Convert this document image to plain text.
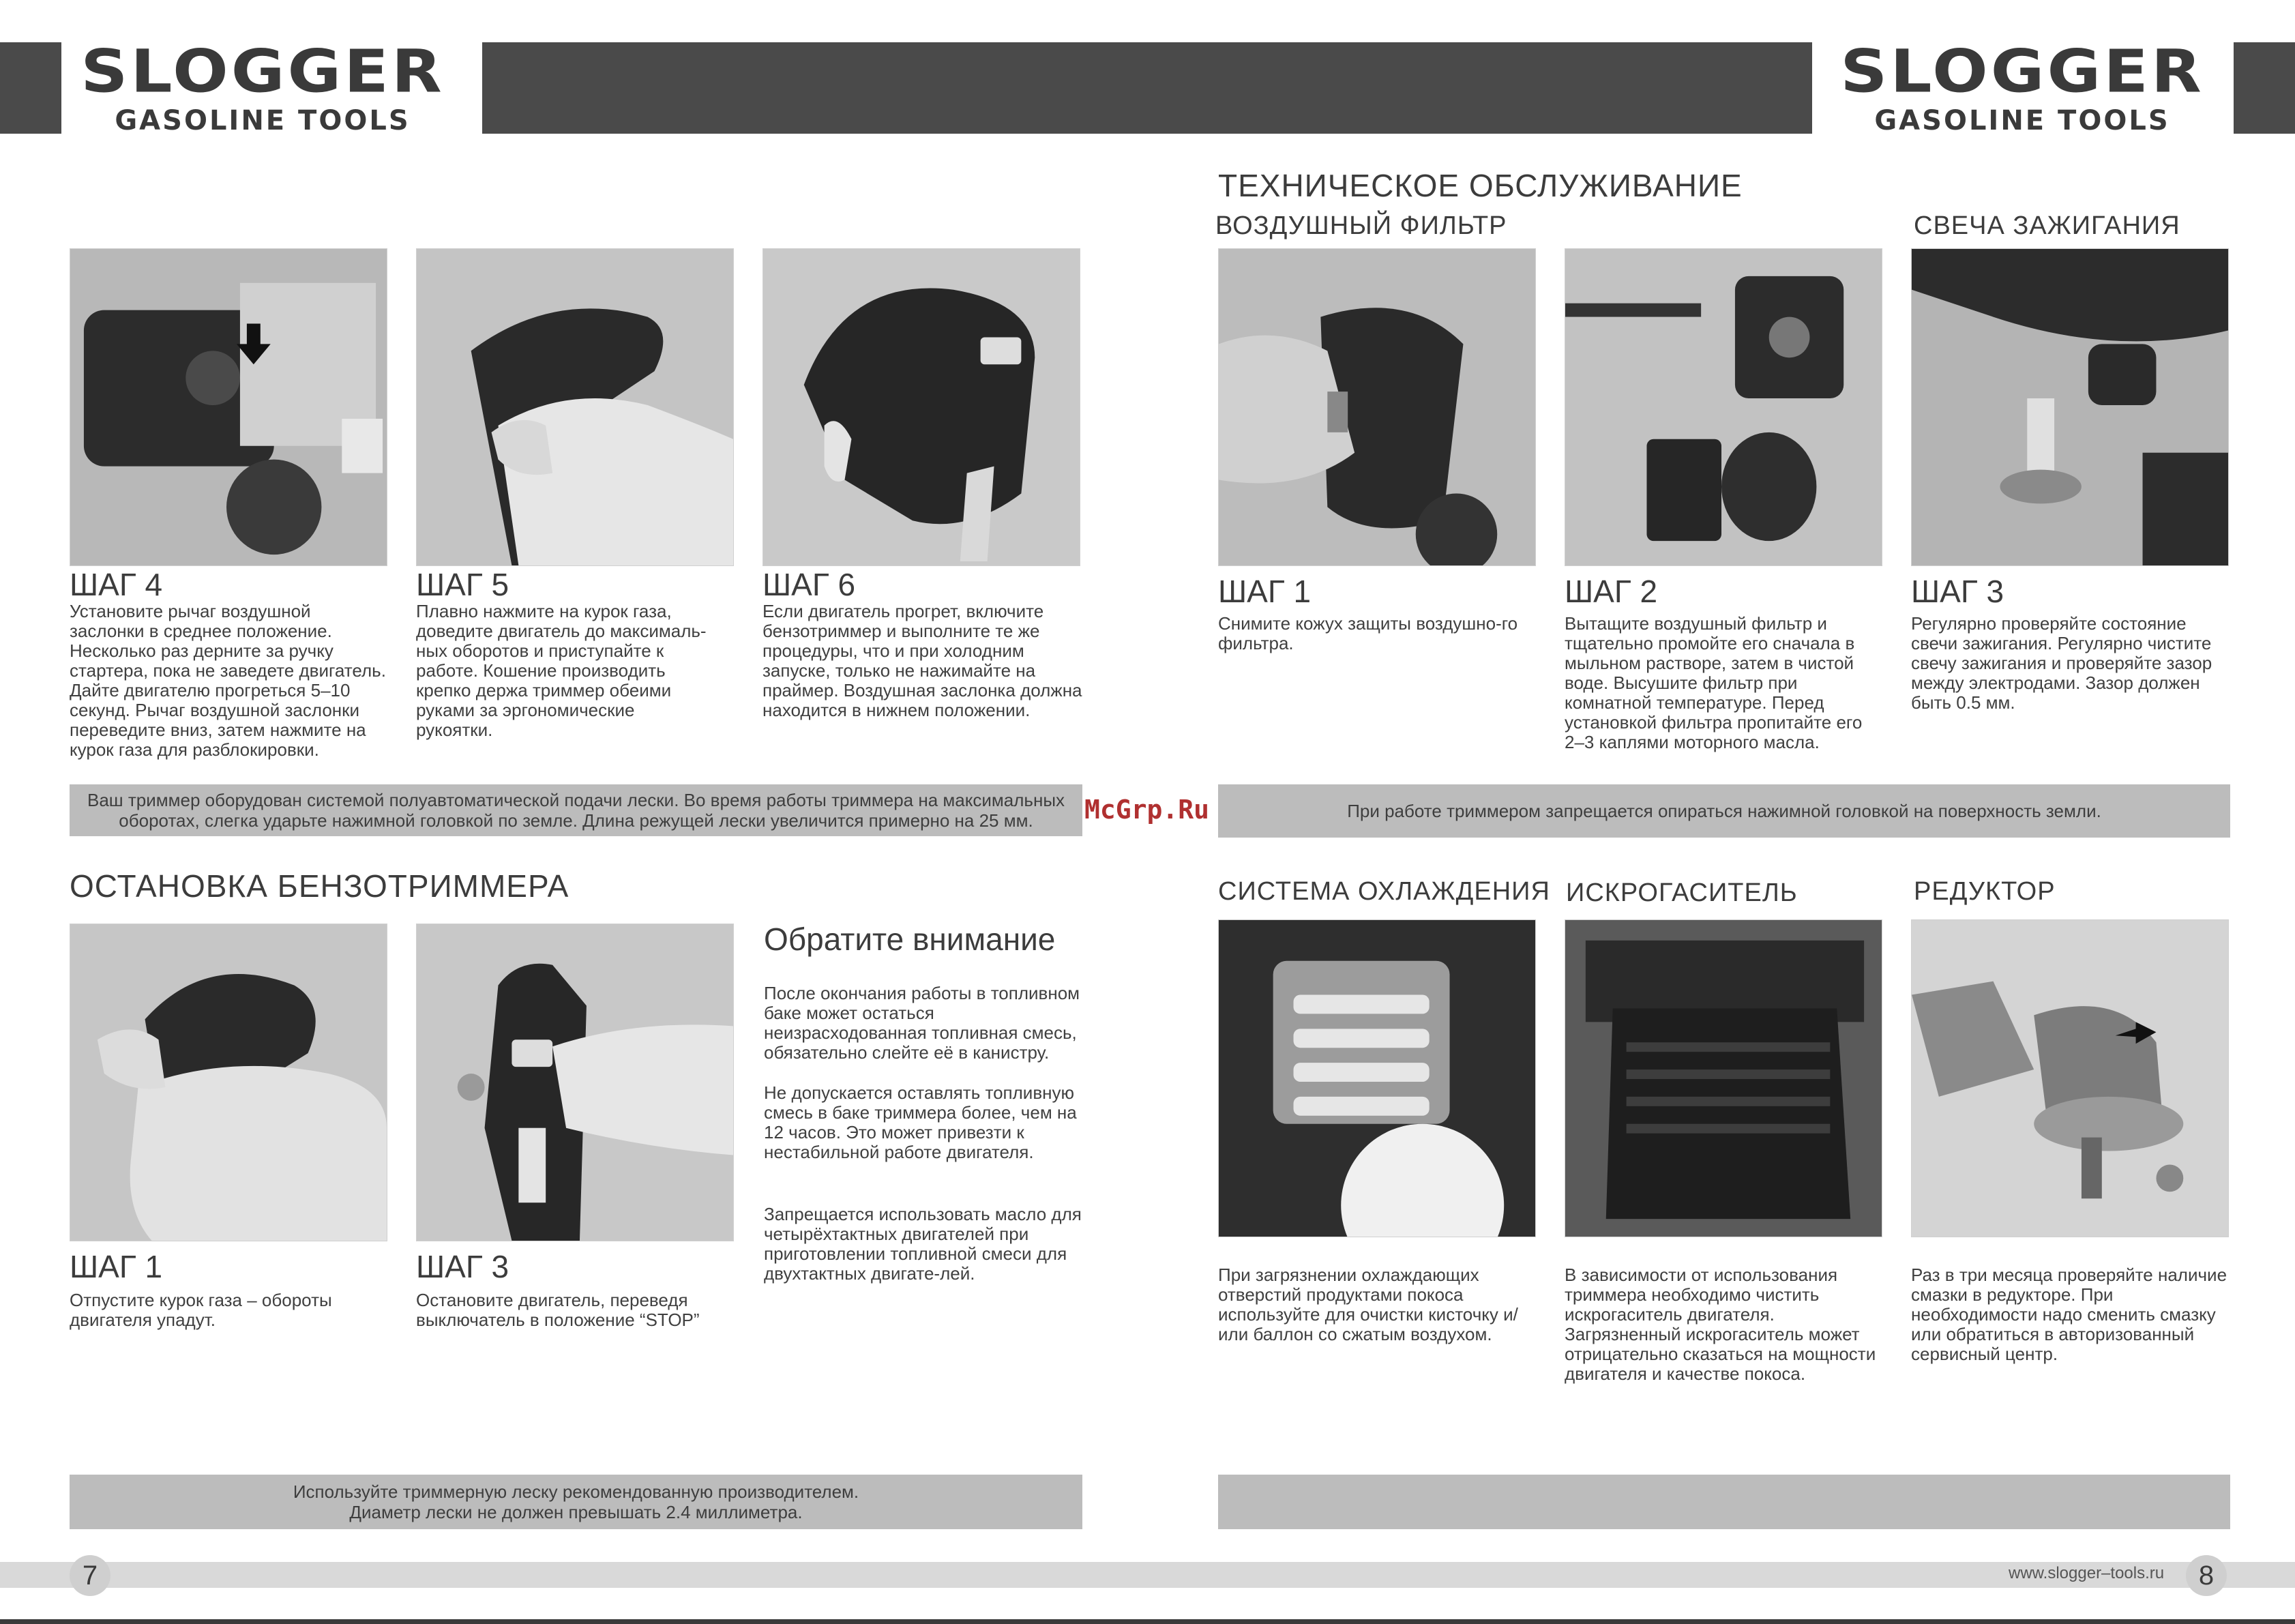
SLOGGER
GASOLINE TOOLS
SLOGGER
GASOLINE TOOLS
ШАГ 4
Установите рычаг воздушной заслонки в среднее положение. Несколько раз дерните за ручку стартера, пока не заведете двигатель. Дайте двигателю прогреться 5–10 секунд. Рычаг воздушной заслонки переведите вниз, затем нажмите на курок газа для разблокировки.
ШАГ 5
Плавно нажмите на курок газа, доведите двигатель до максималь-ных оборотов и приступайте к работе. Кошение производить крепко держа триммер обеими руками за эргономические рукоятки.
ШАГ 6
Если двигатель прогрет, включите бензотриммер и выполните те же процедуры, что и при холодним запуске, только не нажимайте на праймер. Воздушная заслонка должна находится в нижнем положении.
Ваш триммер оборудован системой полуавтоматической подачи лески. Во время работы триммера на максимальных оборотах, слегка ударьте нажимной головкой по земле. Длина режущей лески увеличится примерно на 25 мм.
ОСТАНОВКА БЕНЗОТРИММЕРА
ШАГ 1
Отпустите курок газа – обороты двигателя упадут.
ШАГ 3
Остановите двигатель, переведя выключатель в положение “STOP”
Обратите внимание
После окончания работы в топливном баке может остаться неизрасходованная топливная смесь, обязательно слейте её в канистру.
Не допускается оставлять топливную смесь в баке триммера более, чем на 12 часов. Это может привезти к нестабильной работе двигателя.
Запрещается использовать масло для четырёхтактных двигателей при приготовлении топливной смеси для двухтактных двигате-лей.
Используйте триммерную леску рекомендованную производителем.
Диаметр лески не должен превышать 2.4 миллиметра.
ТЕХНИЧЕСКОЕ ОБСЛУЖИВАНИЕ
ВОЗДУШНЫЙ ФИЛЬТР	СВЕЧА ЗАЖИГАНИЯ
ШАГ 1
Снимите кожух защиты воздушно-го фильтра.
ШАГ 2
Вытащите воздушный фильтр и тщательно промойте его сначала в мыльном растворе, затем в чистой воде. Высушите фильтр при комнатной температуре. Перед установкой фильтра пропитайте его 2–3 каплями моторного масла.
ШАГ 3
Регулярно проверяйте состояние свечи зажигания. Регулярно чистите свечу зажигания и проверяйте зазор между электродами. Зазор должен быть 0.5 мм.
При работе триммером запрещается опираться нажимной головкой на поверхность земли.
СИСТЕМА ОХЛАЖДЕНИЯ ИСКРОГАСИТЕЛЬ	РЕДУКТОР
При загрязнении охлаждающих отверстий продуктами покоса используйте для очистки кисточку и/или баллон со сжатым воздухом.
В зависимости от использования триммера необходимо чистить искрогаситель двигателя. Загрязненный искрогаситель может отрицательно сказаться на мощности двигателя и качестве покоса.
Раз в три месяца проверяйте наличие смазки в редукторе. При необходимости надо сменить смазку или обратиться в авторизованный сервисный центр.
McGrp.Ru
7	www.slogger–tools.ru	8
